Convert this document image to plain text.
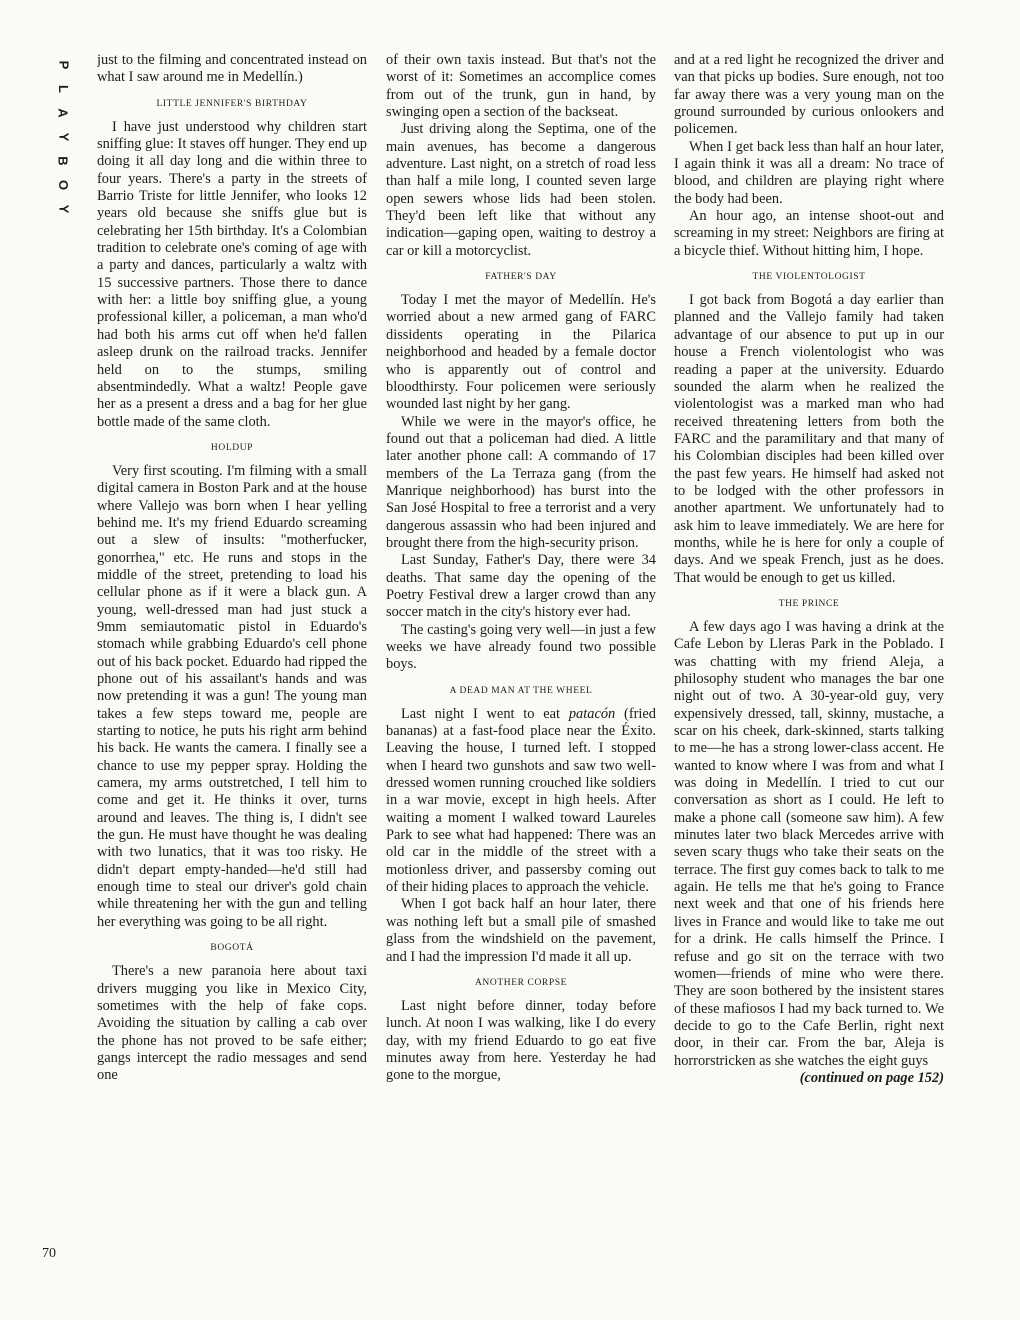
P
L
A
Y
B
O
Y
70

just to the filming and concentrated instead on what I saw around me in Medellín.)

LITTLE JENNIFER'S BIRTHDAY

I have just understood why children start sniffing glue: It staves off hunger. They end up doing it all day long and die within three to four years. There's a party in the streets of Barrio Triste for little Jennifer, who looks 12 years old because she sniffs glue but is celebrating her 15th birthday. It's a Colombian tradition to celebrate one's coming of age with a party and dances, particularly a waltz with 15 successive partners. Those there to dance with her: a little boy sniffing glue, a young professional killer, a policeman, a man who'd had both his arms cut off when he'd fallen asleep drunk on the railroad tracks. Jennifer held on to the stumps, smiling absentmindedly. What a waltz! People gave her as a present a dress and a bag for her glue bottle made of the same cloth.

HOLDUP

Very first scouting. I'm filming with a small digital camera in Boston Park and at the house where Vallejo was born when I hear yelling behind me. It's my friend Eduardo screaming out a slew of insults: "motherfucker, gonorrhea," etc. He runs and stops in the middle of the street, pretending to load his cellular phone as if it were a black gun. A young, well-dressed man had just stuck a 9mm semiautomatic pistol in Eduardo's stomach while grabbing Eduardo's cell phone out of his back pocket. Eduardo had ripped the phone out of his assailant's hands and was now pretending it was a gun! The young man takes a few steps toward me, people are starting to notice, he puts his right arm behind his back. He wants the camera. I finally see a chance to use my pepper spray. Holding the camera, my arms outstretched, I tell him to come and get it. He thinks it over, turns around and leaves. The thing is, I didn't see the gun. He must have thought he was dealing with two lunatics, that it was too risky. He didn't depart empty-handed—he'd still had enough time to steal our driver's gold chain while threatening her with the gun and telling her everything was going to be all right.

BOGOTÁ

There's a new paranoia here about taxi drivers mugging you like in Mexico City, sometimes with the help of fake cops. Avoiding the situation by calling a cab over the phone has not proved to be safe either; gangs intercept the radio messages and send one

of their own taxis instead. But that's not the worst of it: Sometimes an accomplice comes from out of the trunk, gun in hand, by swinging open a section of the backseat.

Just driving along the Septima, one of the main avenues, has become a dangerous adventure. Last night, on a stretch of road less than half a mile long, I counted seven large open sewers whose lids had been stolen. They'd been left like that without any indication—gaping open, waiting to destroy a car or kill a motorcyclist.

FATHER'S DAY

Today I met the mayor of Medellín. He's worried about a new armed gang of FARC dissidents operating in the Pilarica neighborhood and headed by a female doctor who is apparently out of control and bloodthirsty. Four policemen were seriously wounded last night by her gang.

While we were in the mayor's office, he found out that a policeman had died. A little later another phone call: A commando of 17 members of the La Terraza gang (from the Manrique neighborhood) has burst into the San José Hospital to free a terrorist and a very dangerous assassin who had been injured and brought there from the high-security prison.

Last Sunday, Father's Day, there were 34 deaths. That same day the opening of the Poetry Festival drew a larger crowd than any soccer match in the city's history ever had.

The casting's going very well—in just a few weeks we have already found two possible boys.

A DEAD MAN AT THE WHEEL

Last night I went to eat patacón (fried bananas) at a fast-food place near the Éxito. Leaving the house, I turned left. I stopped when I heard two gunshots and saw two well-dressed women running crouched like soldiers in a war movie, except in high heels. After waiting a moment I walked toward Laureles Park to see what had happened: There was an old car in the middle of the street with a motionless driver, and passersby coming out of their hiding places to approach the vehicle.

When I got back half an hour later, there was nothing left but a small pile of smashed glass from the windshield on the pavement, and I had the impression I'd made it all up.

ANOTHER CORPSE

Last night before dinner, today before lunch. At noon I was walking, like I do every day, with my friend Eduardo to go eat five minutes away from here. Yesterday he had gone to the morgue,

and at a red light he recognized the driver and van that picks up bodies. Sure enough, not too far away there was a very young man on the ground surrounded by curious onlookers and policemen.

When I get back less than half an hour later, I again think it was all a dream: No trace of blood, and children are playing right where the body had been.

An hour ago, an intense shoot-out and screaming in my street: Neighbors are firing at a bicycle thief. Without hitting him, I hope.

THE VIOLENTOLOGIST

I got back from Bogotá a day earlier than planned and the Vallejo family had taken advantage of our absence to put up in our house a French violentologist who was reading a paper at the university. Eduardo sounded the alarm when he realized the violentologist was a marked man who had received threatening letters from both the FARC and the paramilitary and that many of his Colombian disciples had been killed over the past few years. He himself had asked not to be lodged with the other professors in another apartment. We unfortunately had to ask him to leave immediately. We are here for months, while he is here for only a couple of days. And we speak French, just as he does. That would be enough to get us killed.

THE PRINCE

A few days ago I was having a drink at the Cafe Lebon by Lleras Park in the Poblado. I was chatting with my friend Aleja, a philosophy student who manages the bar one night out of two. A 30-year-old guy, very expensively dressed, tall, skinny, mustache, a scar on his cheek, dark-skinned, starts talking to me—he has a strong lower-class accent. He wanted to know where I was from and what I was doing in Medellín. I tried to cut our conversation as short as I could. He left to make a phone call (someone saw him). A few minutes later two black Mercedes arrive with seven scary thugs who take their seats on the terrace. The first guy comes back to talk to me again. He tells me that he's going to France next week and that one of his friends here lives in France and would like to take me out for a drink. He calls himself the Prince. I refuse and go sit on the terrace with two women—friends of mine who were there. They are soon bothered by the insistent stares of these mafiosos I had my back turned to. We decide to go to the Cafe Berlin, right next door, in their car. From the bar, Aleja is horrorstricken as she watches the eight guys

(continued on page 152)
